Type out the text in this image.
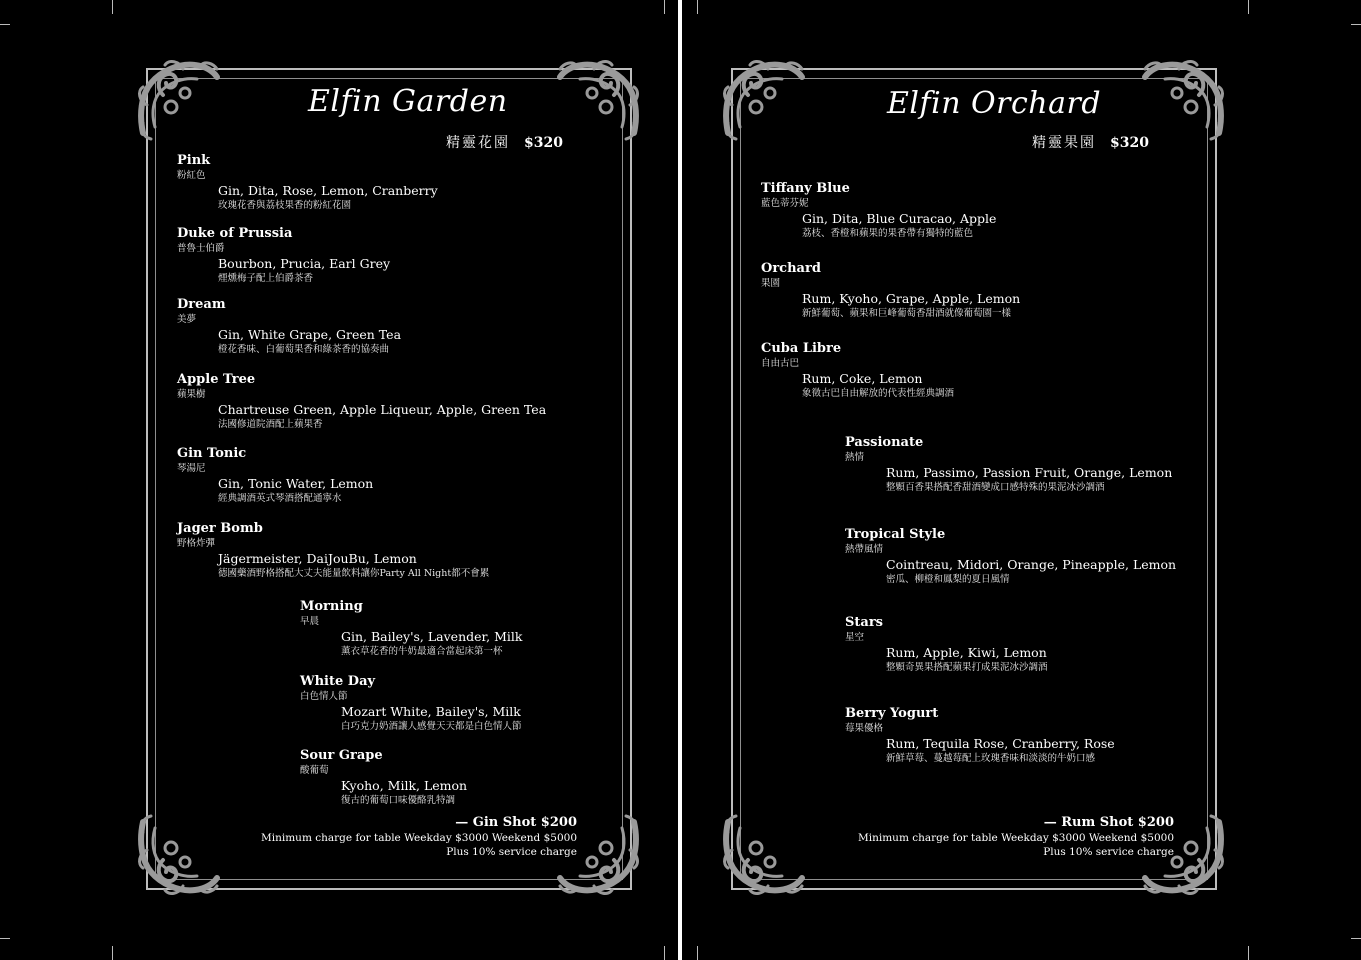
Elfin Garden
精靈花園 $320
Pink
粉紅色
Gin, Dita, Rose, Lemon, Cranberry
玫瑰花香與荔枝果香的粉紅花園
Duke of Prussia
普魯士伯爵
Bourbon, Prucia, Earl Grey
煙燻梅子配上伯爵茶香
Dream
美夢
Gin, White Grape, Green Tea
橙花香味、白葡萄果香和綠茶香的協奏曲
Apple Tree
蘋果樹
Chartreuse Green, Apple Liqueur, Apple, Green Tea
法國修道院酒配上蘋果香
Gin Tonic
琴湯尼
Gin, Tonic Water, Lemon
經典調酒英式琴酒搭配通寧水
Jager Bomb
野格炸彈
Jägermeister, DaiJouBu, Lemon
德國藥酒野格搭配大丈夫能量飲料讓你Party All Night都不會累
Morning
早晨
Gin, Bailey's, Lavender, Milk
薰衣草花香的牛奶最適合當起床第一杯
White Day
白色情人節
Mozart White, Bailey's, Milk
白巧克力奶酒讓人感覺天天都是白色情人節
Sour Grape
酸葡萄
Kyoho, Milk, Lemon
復古的葡萄口味優酪乳特調
— Gin Shot $200
Minimum charge for table Weekday $3000 Weekend $5000
Plus 10% service charge
Elfin Orchard
精靈果園 $320
Tiffany Blue
藍色蒂芬妮
Gin, Dita, Blue Curacao, Apple
荔枝、香橙和蘋果的果香帶有獨特的藍色
Orchard
果園
Rum, Kyoho, Grape, Apple, Lemon
新鮮葡萄、蘋果和巨峰葡萄香甜酒就像葡萄園一樣
Cuba Libre
自由古巴
Rum, Coke, Lemon
象徵古巴自由解放的代表性經典調酒
Passionate
熱情
Rum, Passimo, Passion Fruit, Orange, Lemon
整顆百香果搭配香甜酒變成口感特殊的果泥冰沙調酒
Tropical Style
熱帶風情
Cointreau, Midori, Orange, Pineapple, Lemon
密瓜、柳橙和鳳梨的夏日風情
Stars
星空
Rum, Apple, Kiwi, Lemon
整顆奇異果搭配蘋果打成果泥冰沙調酒
Berry Yogurt
莓果優格
Rum, Tequila Rose, Cranberry, Rose
新鮮草莓、蔓越莓配上玫瑰香味和淡淡的牛奶口感
— Rum Shot $200
Minimum charge for table Weekday $3000 Weekend $5000
Plus 10% service charge
